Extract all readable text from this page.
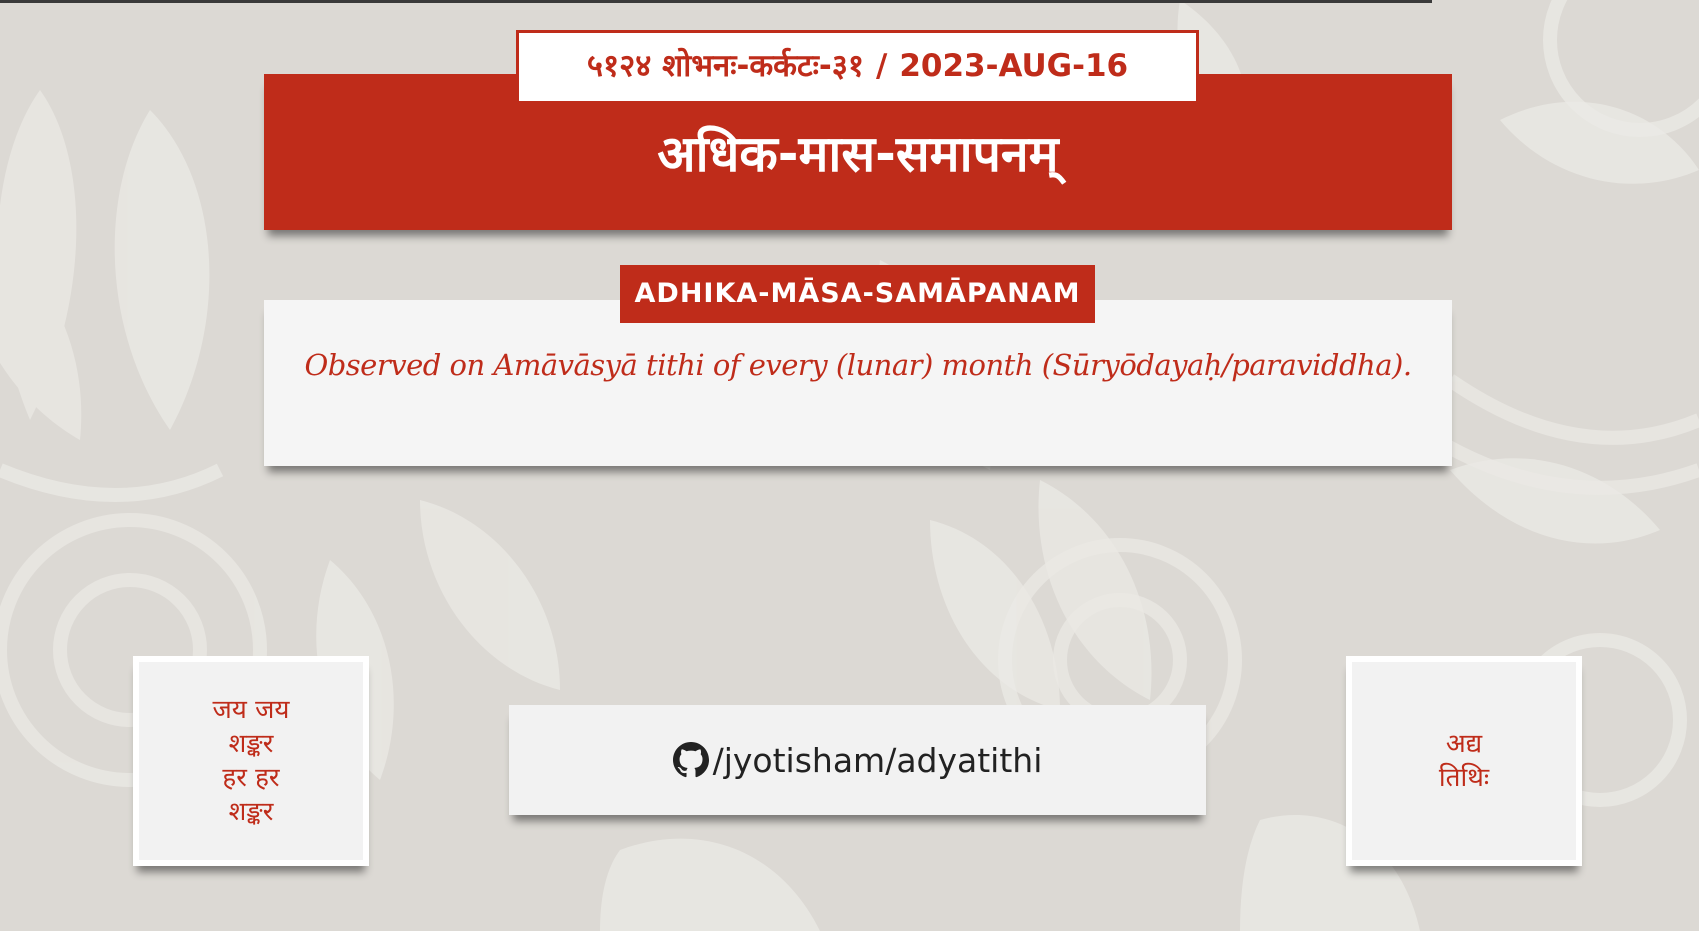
अधिक-मास-समापनम्
५१२४ शोभनः-कर्कटः-३१ / 2023-AUG-16
Observed on Amāvāsyā tithi of every (lunar) month (Sūryōdayaḥ/paraviddha).
ADHIKA-MĀSA-SAMĀPANAM
जय जय
शङ्कर
हर हर
शङ्कर
/jyotisham/adyatithi	अद्य
तिथिः
